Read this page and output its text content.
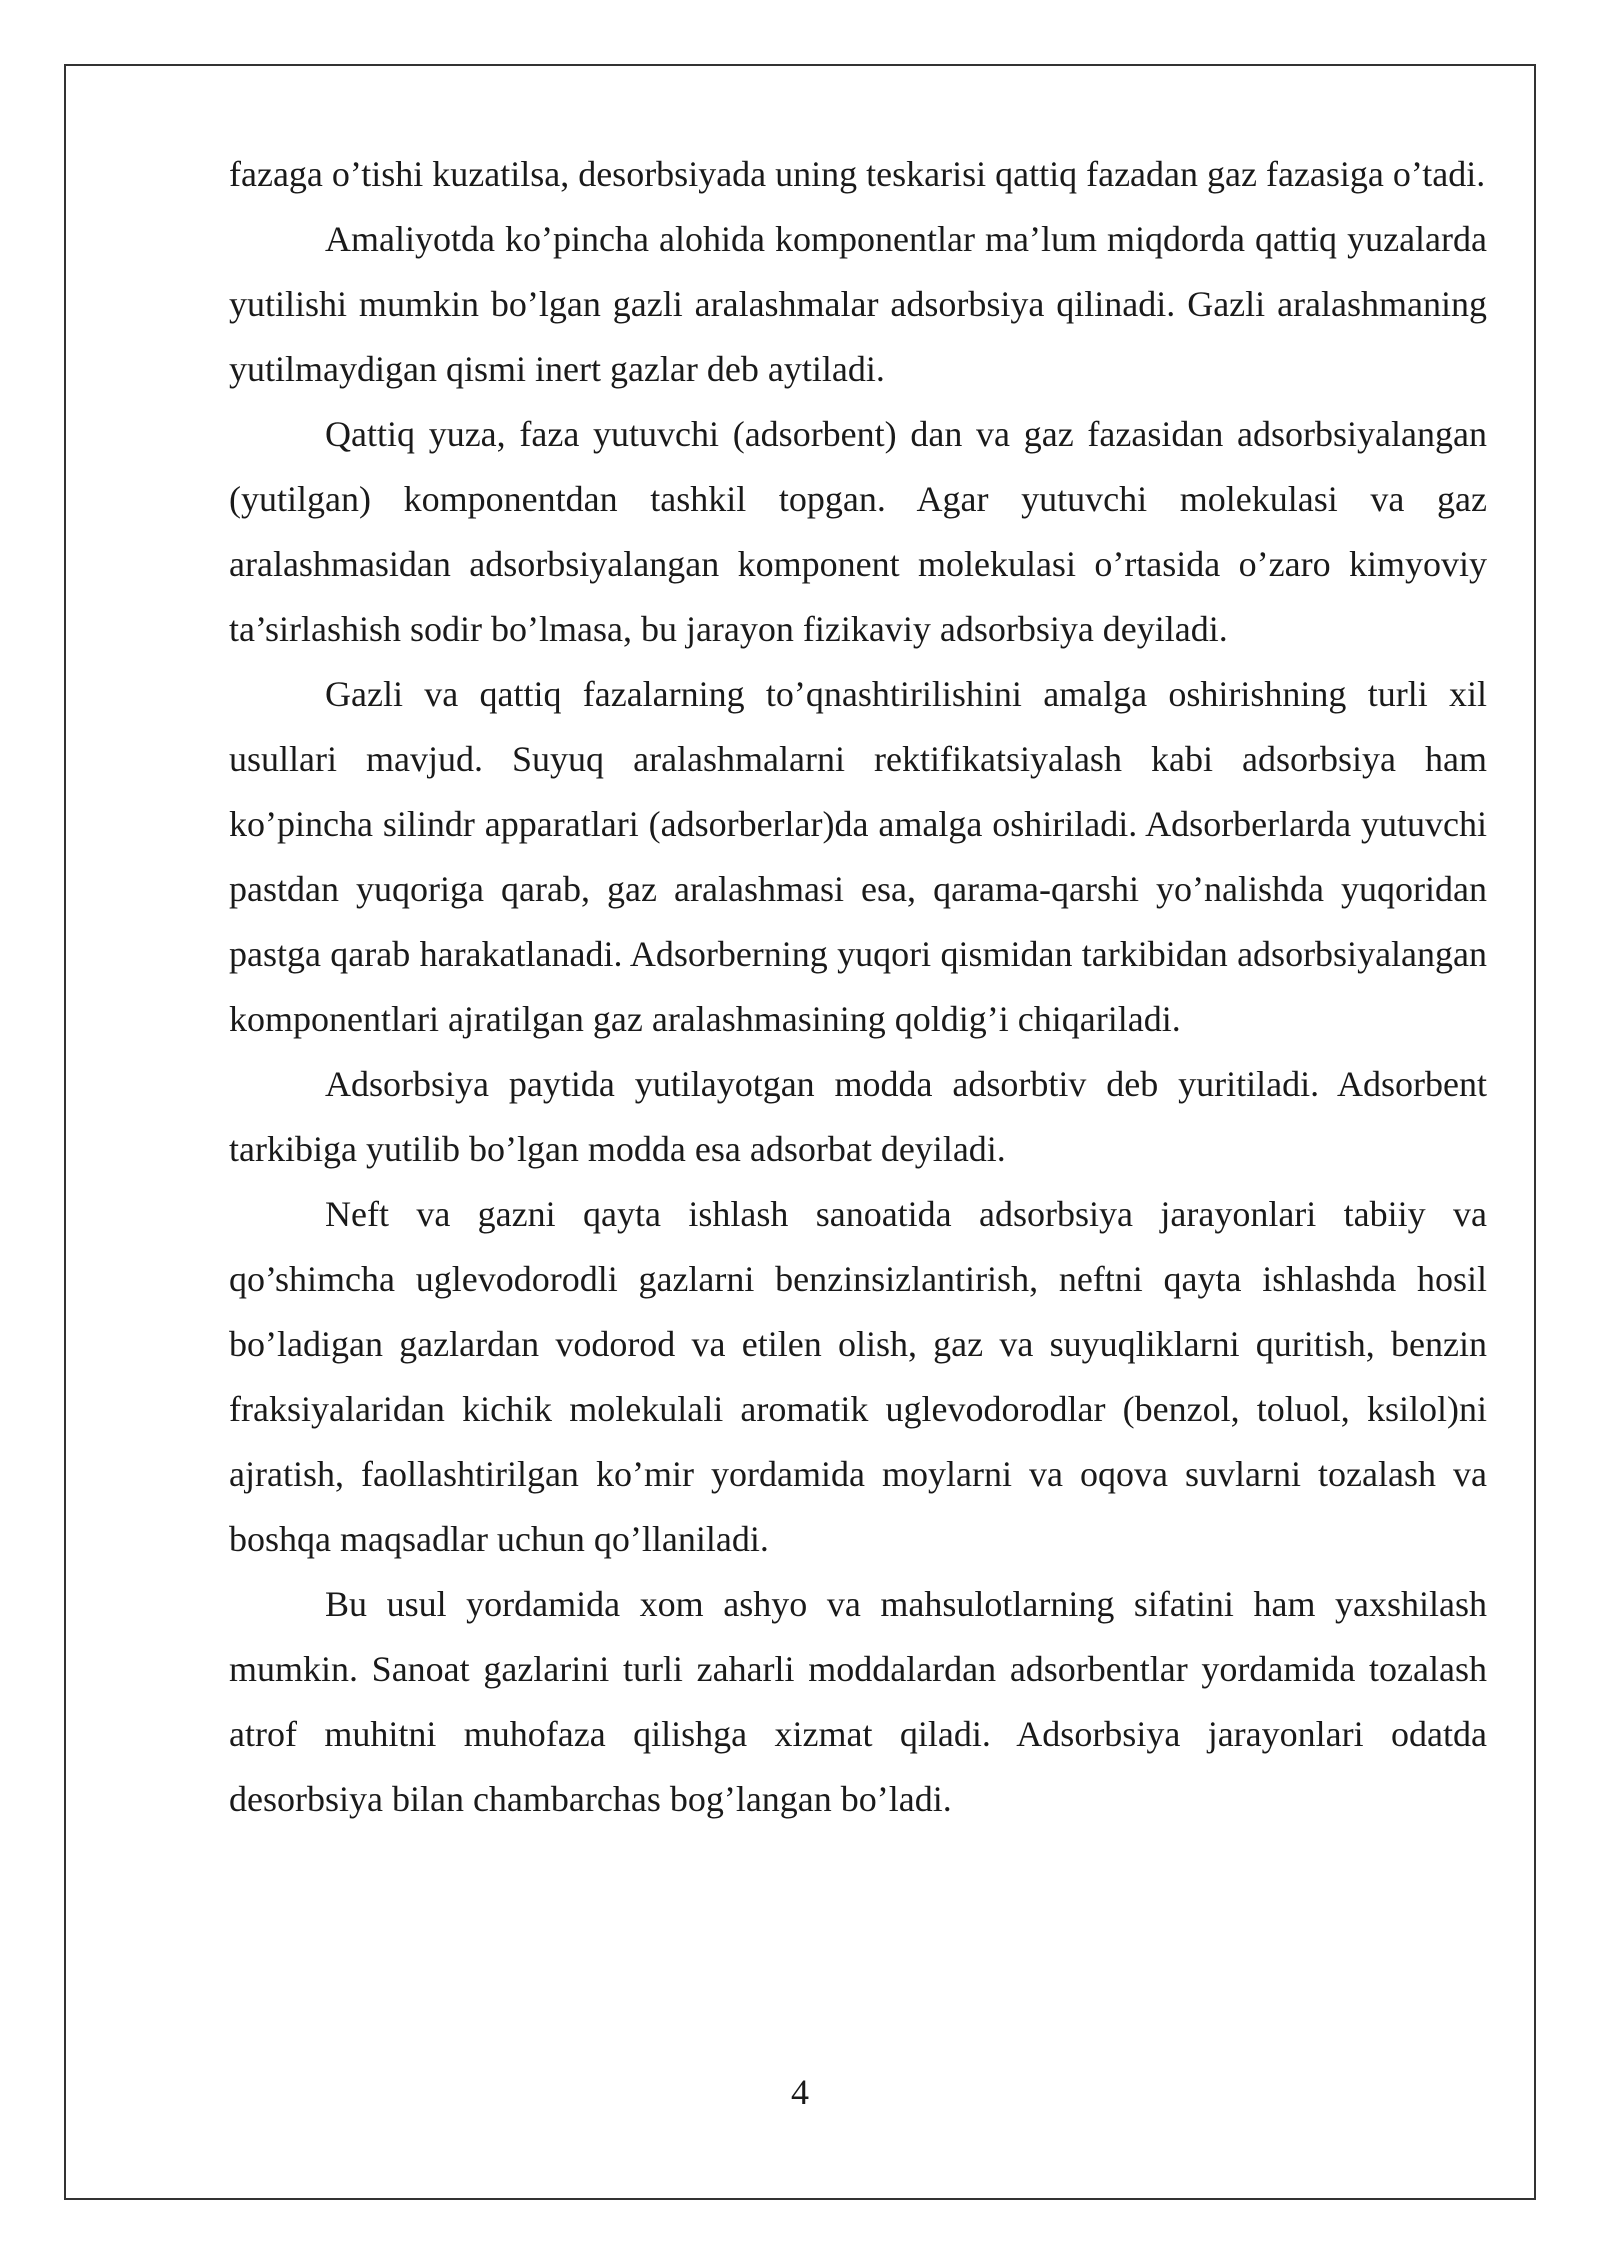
fazaga o’tishi kuzatilsa, desorbsiyada uning teskarisi qattiq fazadan gaz fazasiga o’tadi.

Amaliyotda ko’pincha alohida komponentlar ma’lum miqdorda qattiq yuzalarda yutilishi mumkin bo’lgan gazli aralashmalar adsorbsiya qilinadi. Gazli aralashmaning yutilmaydigan qismi inert gazlar deb aytiladi.

Qattiq yuza, faza yutuvchi (adsorbent) dan va gaz fazasidan adsorbsiyalangan (yutilgan) komponentdan tashkil topgan. Agar yutuvchi molekulasi va gaz aralashmasidan adsorbsiyalangan komponent molekulasi o’rtasida o’zaro kimyoviy ta’sirlashish sodir bo’lmasa, bu jarayon fizikaviy adsorbsiya deyiladi.

Gazli va qattiq fazalarning to’qnashtirilishini amalga oshirishning turli xil usullari mavjud. Suyuq aralashmalarni rektifikatsiyalash kabi adsorbsiya ham ko’pincha silindr apparatlari (adsorberlar)da amalga oshiriladi. Adsorberlarda yutuvchi pastdan yuqoriga qarab, gaz aralashmasi esa, qarama-qarshi yo’nalishda yuqoridan pastga qarab harakatlanadi. Adsorberning yuqori qismidan tarkibidan adsorbsiyalangan komponentlari ajratilgan gaz aralashmasining qoldig’i chiqariladi.

Adsorbsiya paytida yutilayotgan modda adsorbtiv deb yuritiladi. Adsorbent tarkibiga yutilib bo’lgan modda esa adsorbat deyiladi.

Neft va gazni qayta ishlash sanoatida adsorbsiya jarayonlari tabiiy va qo’shimcha uglevodorodli gazlarni benzinsizlantirish, neftni qayta ishlashda hosil bo’ladigan gazlardan vodorod va etilen olish, gaz va suyuqliklarni quritish, benzin fraksiyalaridan kichik molekulali aromatik uglevodorodlar (benzol, toluol, ksilol)ni ajratish, faollashtirilgan ko’mir yordamida moylarni va oqova suvlarni tozalash va boshqa maqsadlar uchun qo’llaniladi.

Bu usul yordamida xom ashyo va mahsulotlarning sifatini ham yaxshilash mumkin. Sanoat gazlarini turli zaharli moddalardan adsorbentlar yordamida tozalash atrof muhitni muhofaza qilishga xizmat qiladi. Adsorbsiya jarayonlari odatda desorbsiya bilan chambarchas bog’langan bo’ladi.

4
